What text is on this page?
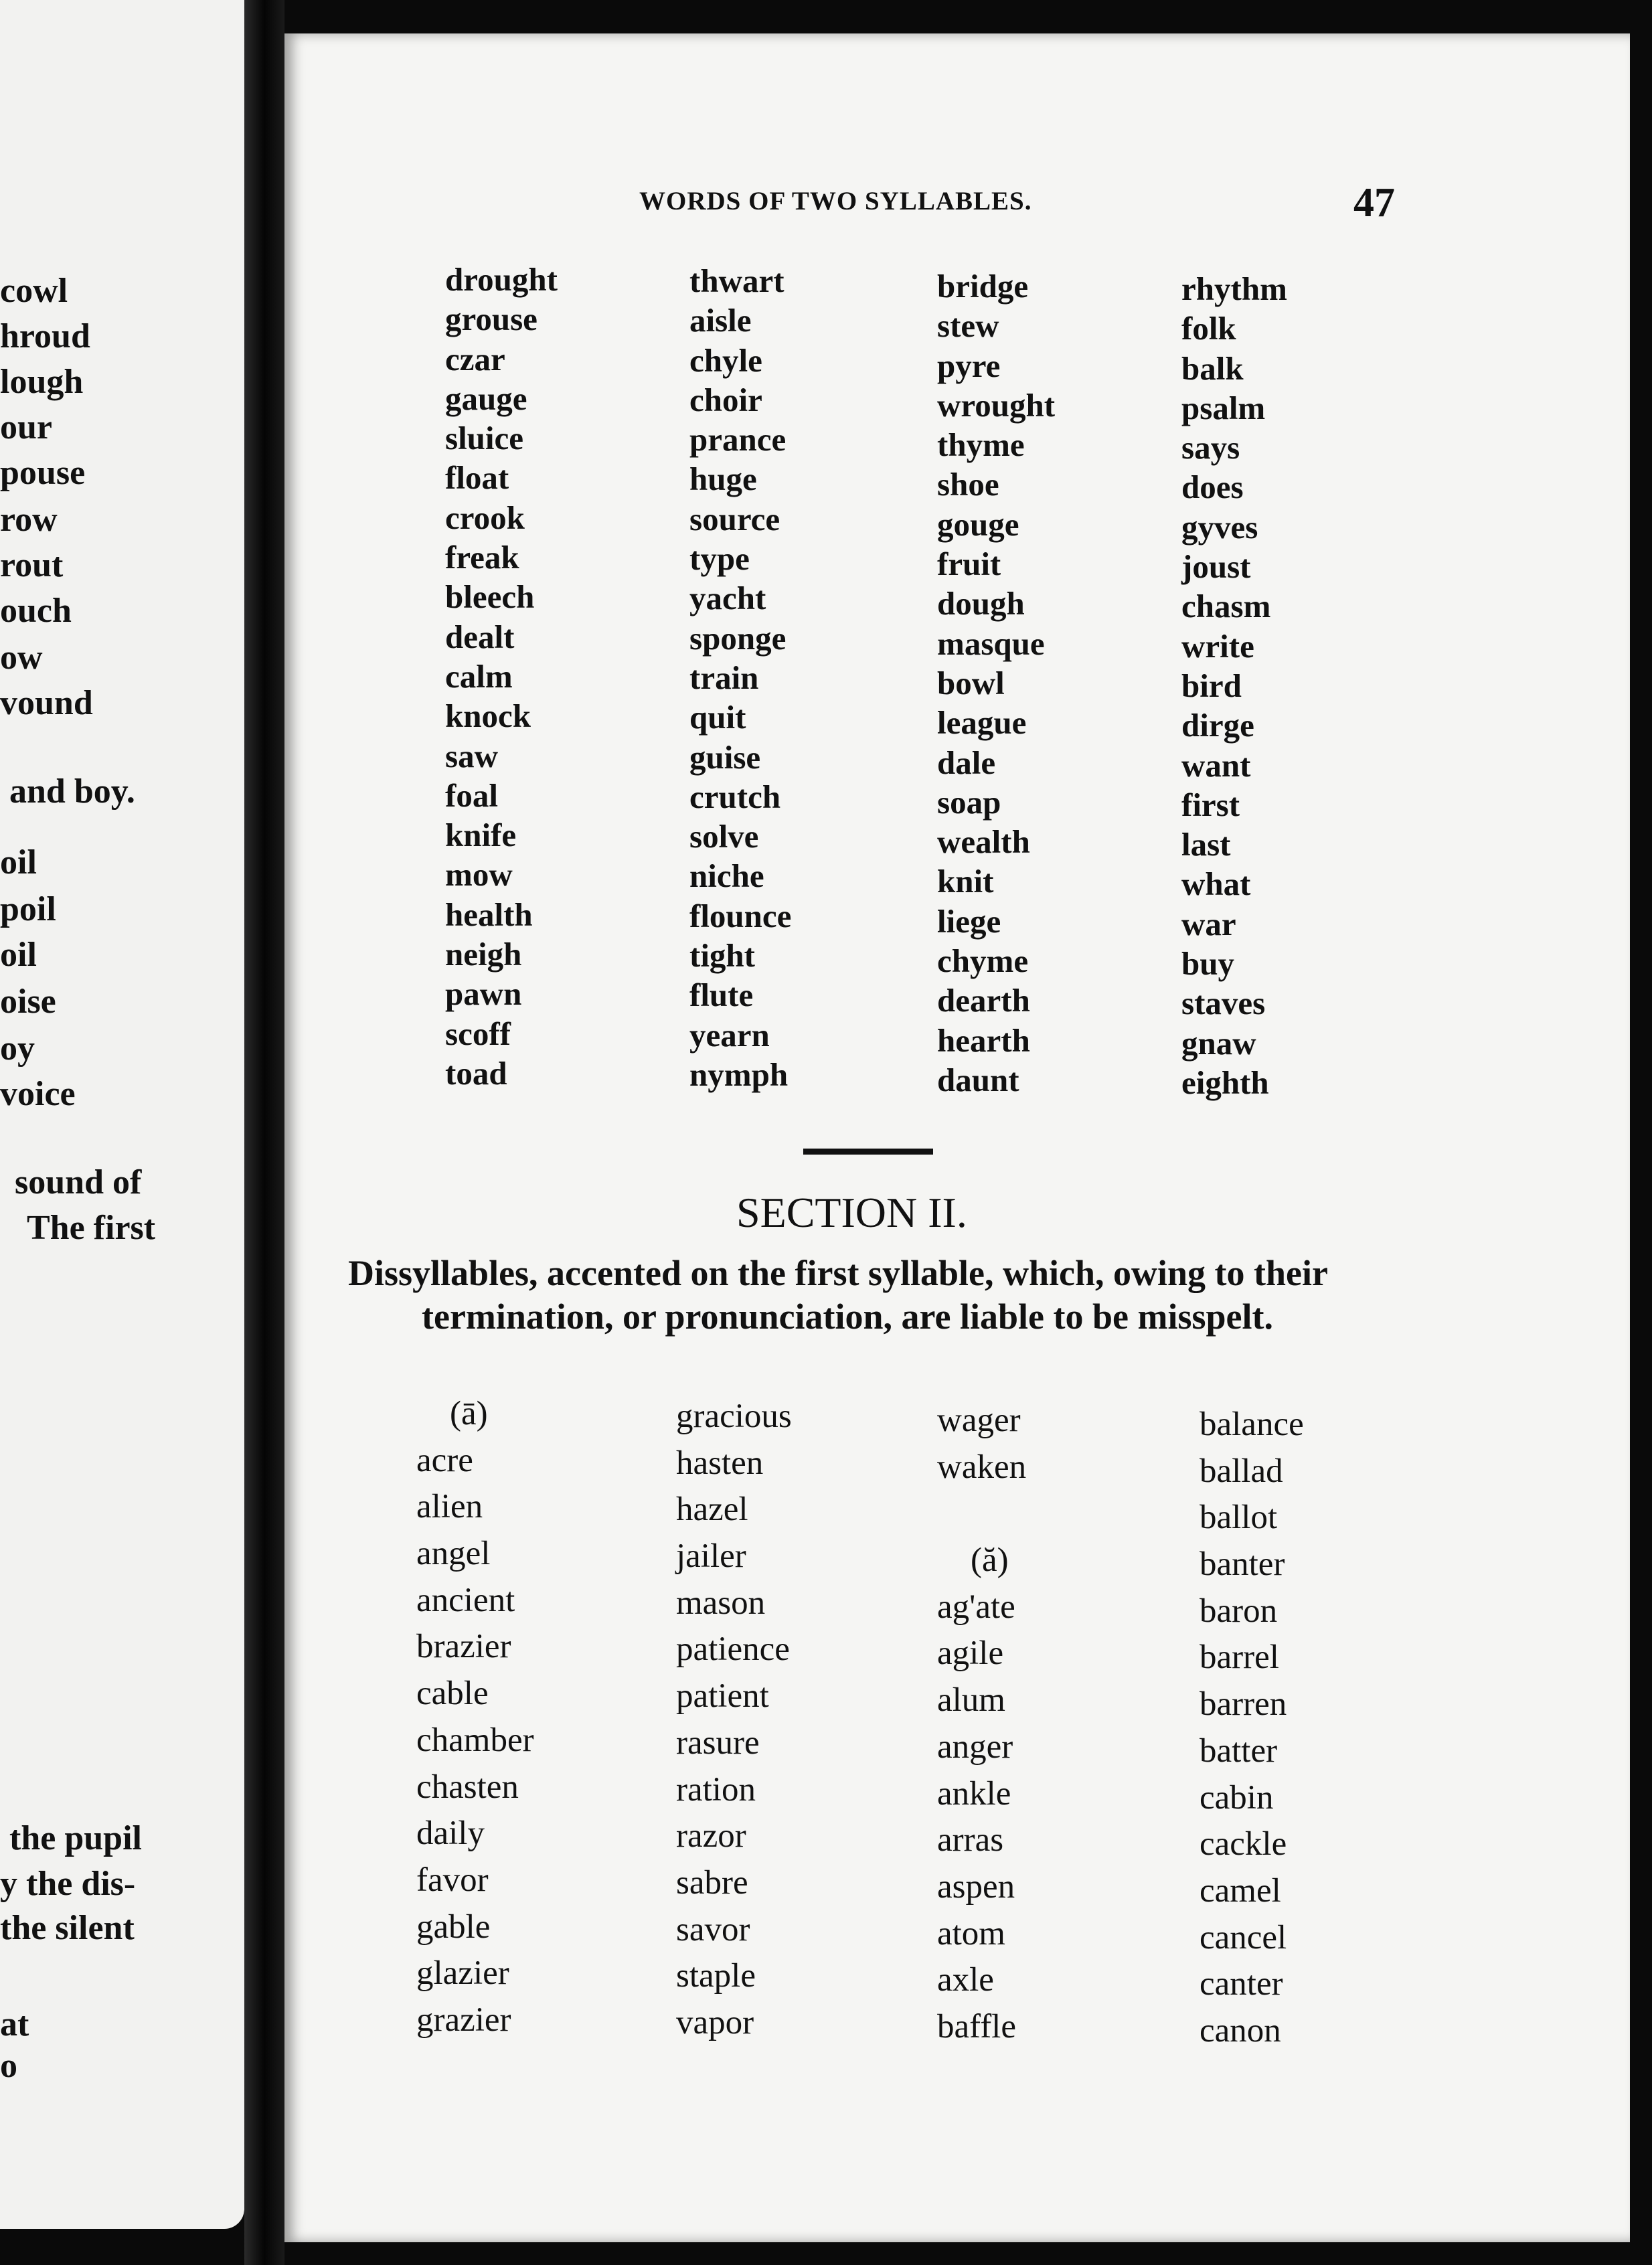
cowl
hroud
lough
our
pouse
row
rout
ouch
ow
vound
and boy.
oil
poil
oil
oise
oy
voice
sound of
The first
the pupil
y the dis-
the silent
at
o
WORDS OF TWO SYLLABLES.	47
drought
grouse
czar
gauge
sluice
float
crook
freak
bleech
dealt
calm
knock
saw
foal
knife
mow
health
neigh
pawn
scoff
toad
thwart
aisle
chyle
choir
prance
huge
source
type
yacht
sponge
train
quit
guise
crutch
solve
niche
flounce
tight
flute
yearn
nymph
bridge
stew
pyre
wrought
thyme
shoe
gouge
fruit
dough
masque
bowl
league
dale
soap
wealth
knit
liege
chyme
dearth
hearth
daunt
rhythm
folk
balk
psalm
says
does
gyves
joust
chasm
write
bird
dirge
want
first
last
what
war
buy
staves
gnaw
eighth
SECTION II.
Dissyllables, accented on the first syllable, which, owing to their termination, or pronunciation, are liable to be misspelt.
(ā)
acre
alien
angel
ancient
brazier
cable
chamber
chasten
daily
favor
gable
glazier
grazier
gracious
hasten
hazel
jailer
mason
patience
patient
rasure
ration
razor
sabre
savor
staple
vapor
wager
waken
(ă)
ag'ate
agile
alum
anger
ankle
arras
aspen
atom
axle
baffle
balance
ballad
ballot
banter
baron
barrel
barren
batter
cabin
cackle
camel
cancel
canter
canon
